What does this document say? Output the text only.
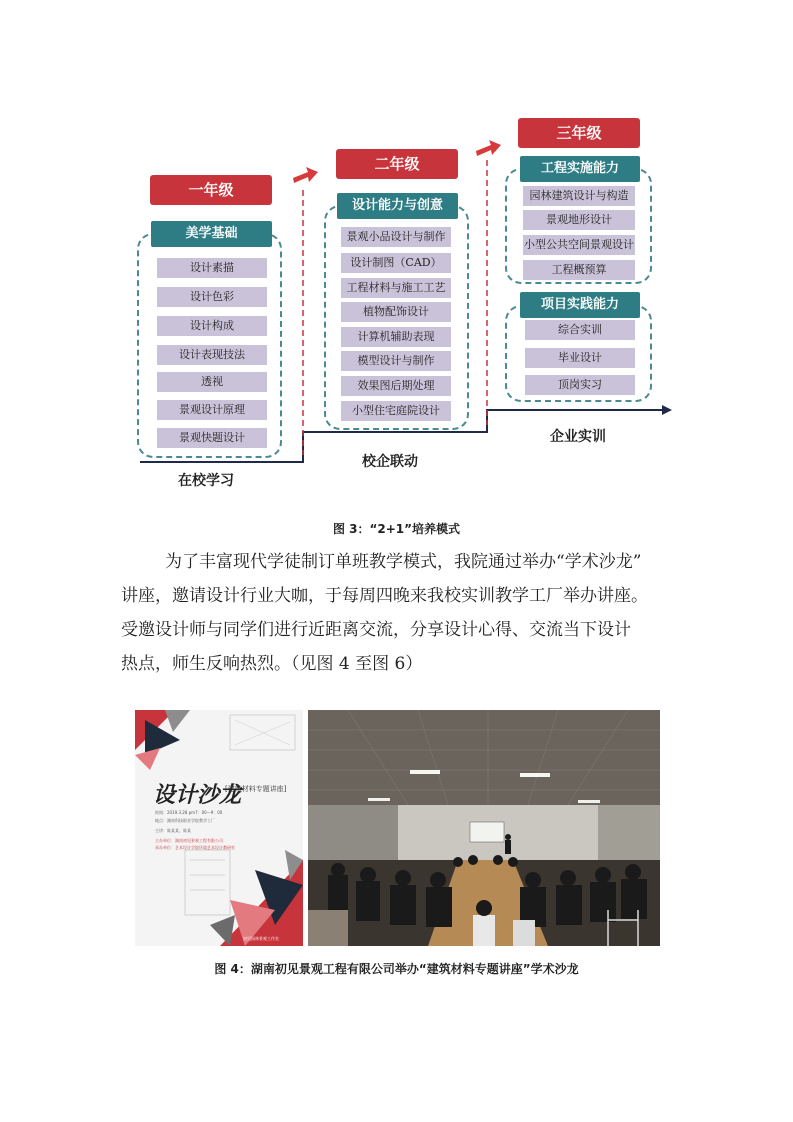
一年级
二年级
三年级
美学基础
设计素描
设计色彩
设计构成
设计表现技法
透视
景观设计原理
景观快题设计
设计能力与创意
景观小品设计与制作
设计制图（CAD）
工程材料与施工工艺
植物配饰设计
计算机辅助表现
模型设计与制作
效果图后期处理
小型住宅庭院设计
工程实施能力
园林建筑设计与构造
景观地形设计
小型公共空间景观设计
工程概预算
项目实践能力
综合实训
毕业设计
顶岗实习
在校学习
校企联动
企业实训
图 3：“2+1”培养模式
为了丰富现代学徒制订单班教学模式，我院通过举办“学术沙龙”
讲座，邀请设计行业大咖，于每周四晚来我校实训教学工厂举办讲座。
受邀设计师与同学们进行近距离交流，分享设计心得、交流当下设计
热点，师生反响热烈。（见图 4 至图 6）
设计沙龙
[建筑材料专题讲座]
时间：2019.3.28 pm7：00—9：00
地点：湖南科技职业学院教学工厂
主讲：陈某某、陈某
主办单位：湖南初见景观工程有限公司
承办单位：艺术设计学院环境艺术设计教研室
初见园林景观工作室
图 4：湖南初见景观工程有限公司举办“建筑材料专题讲座”学术沙龙
